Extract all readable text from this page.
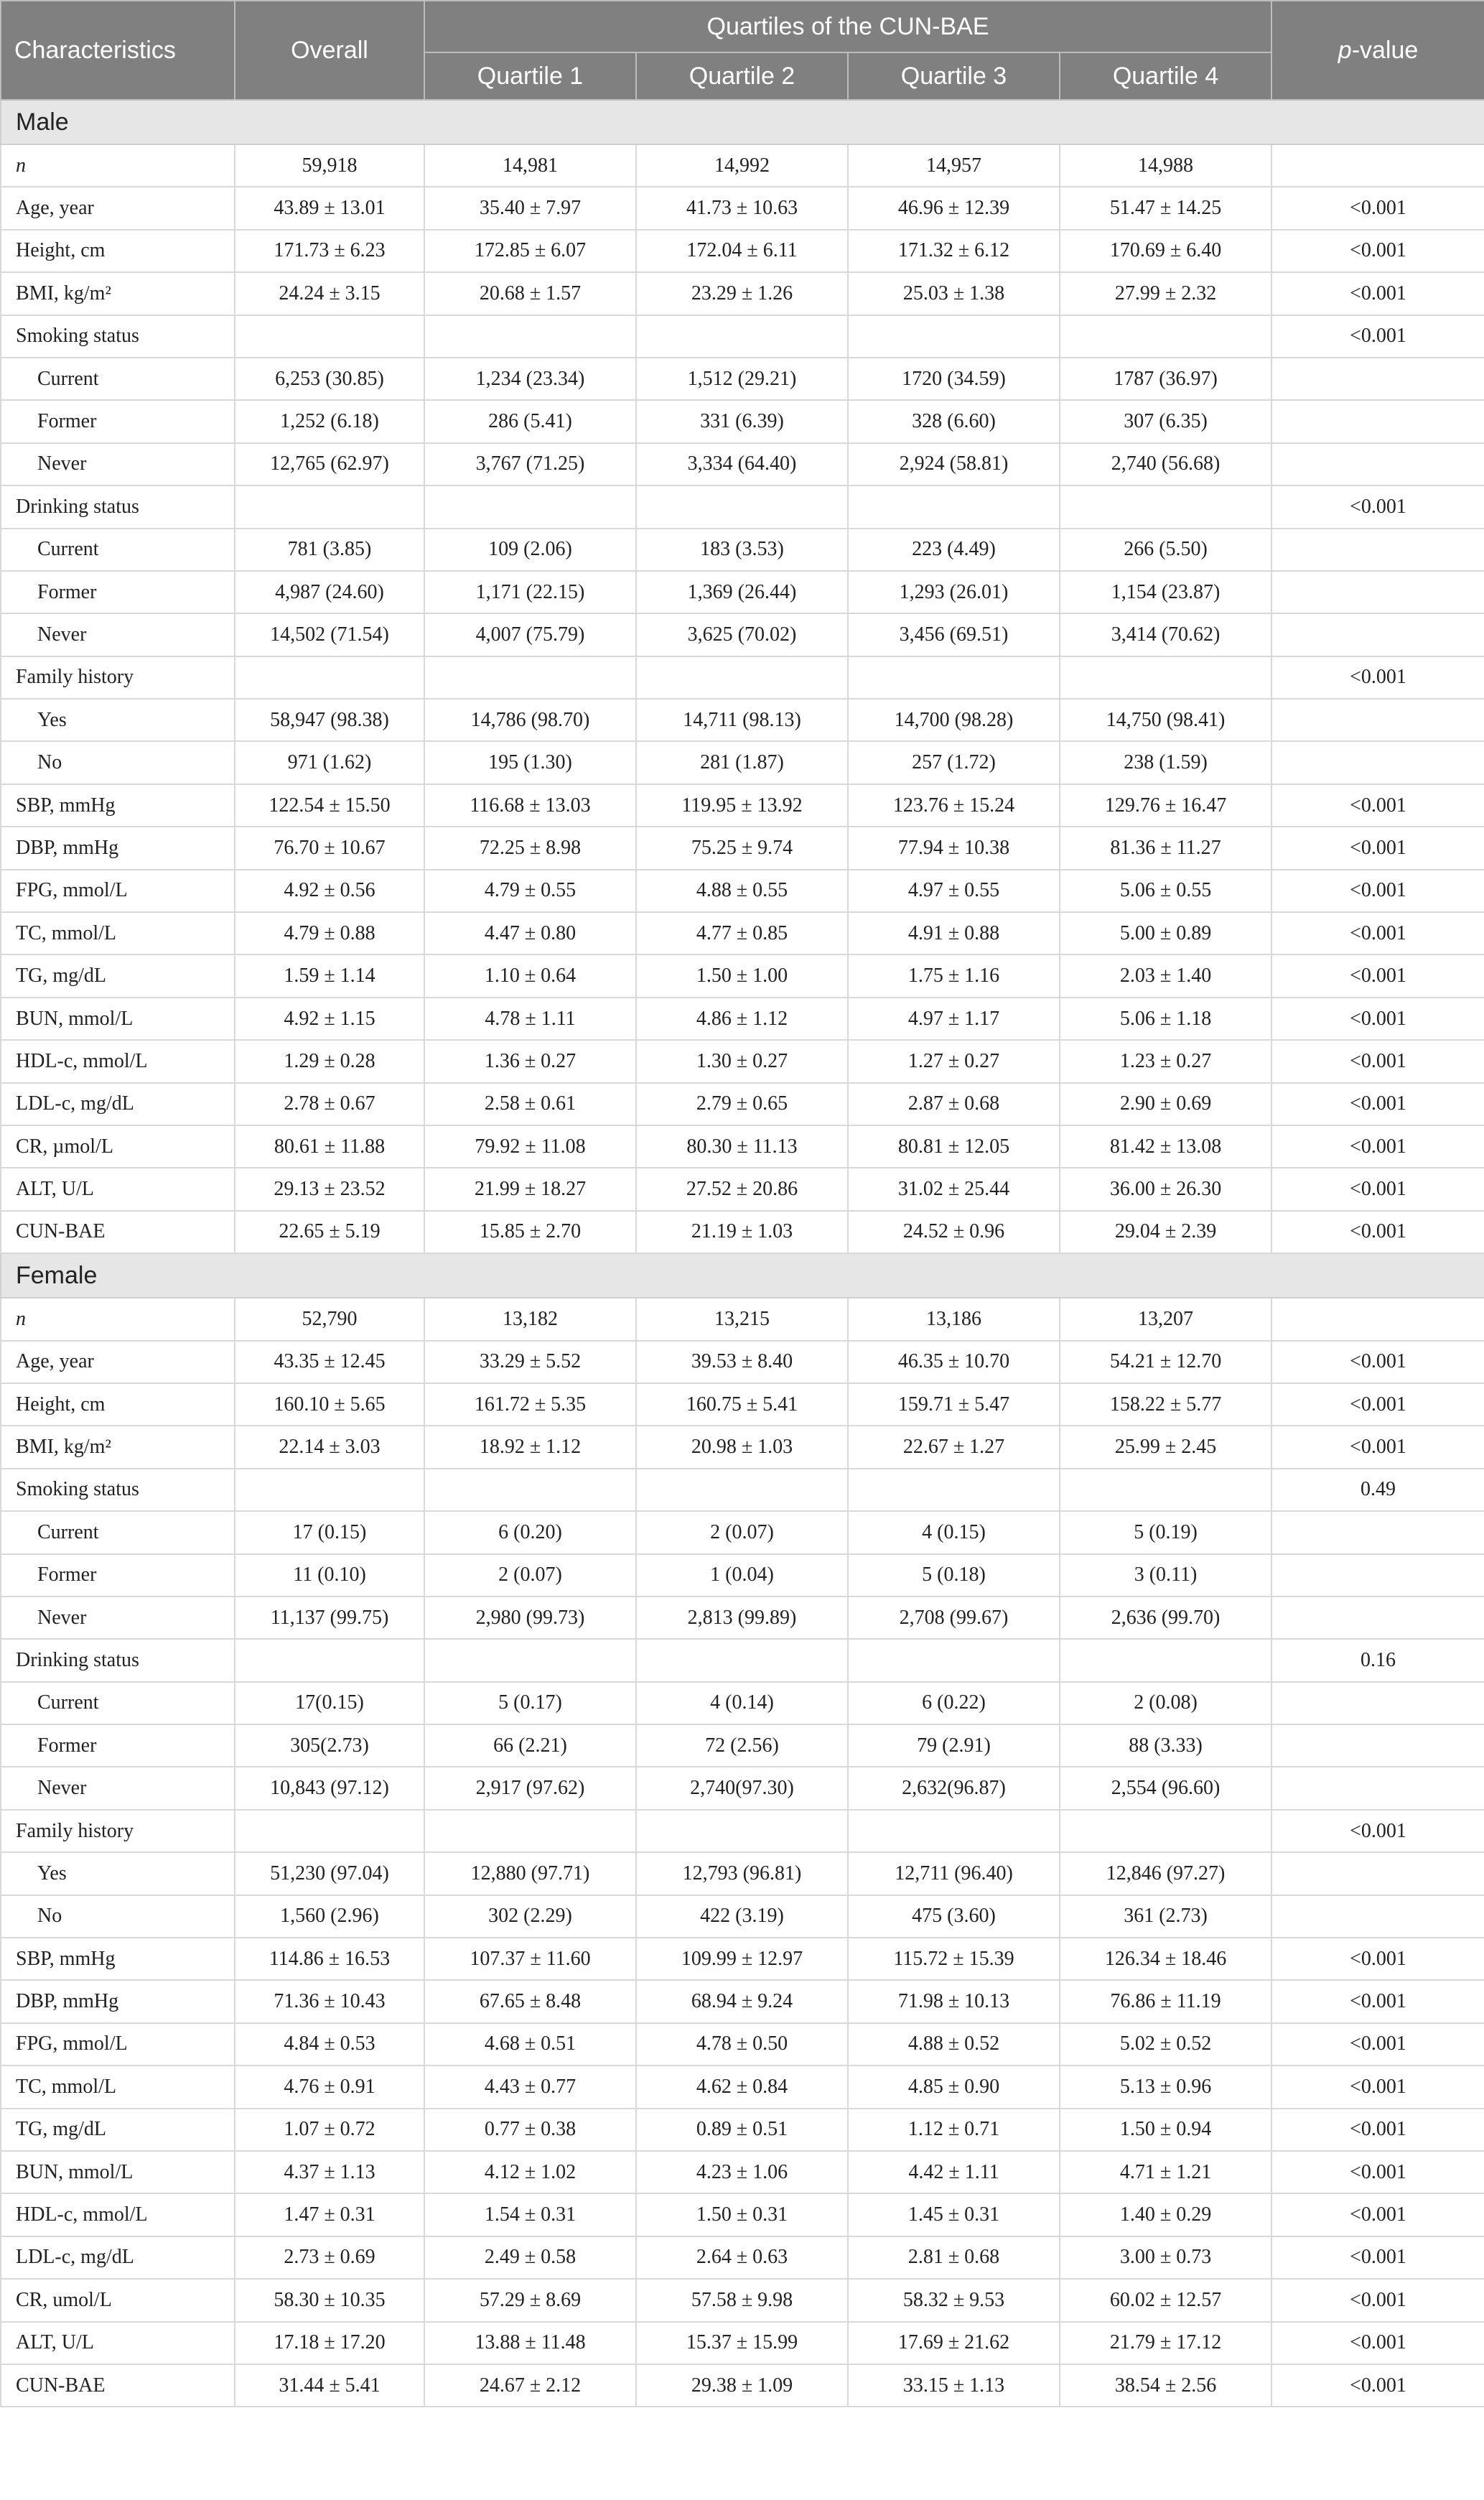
Characteristics	Overall	Quartiles of the CUN-BAE				p-value
		Quartile 1	Quartile 2	Quartile 3	Quartile 4	
Male						
n	59,918	14,981	14,992	14,957	14,988	
Age, year	43.89 ± 13.01	35.40 ± 7.97	41.73 ± 10.63	46.96 ± 12.39	51.47 ± 14.25	<0.001
Height, cm	171.73 ± 6.23	172.85 ± 6.07	172.04 ± 6.11	171.32 ± 6.12	170.69 ± 6.40	<0.001
BMI, kg/m²	24.24 ± 3.15	20.68 ± 1.57	23.29 ± 1.26	25.03 ± 1.38	27.99 ± 2.32	<0.001
Smoking status						<0.001
Current	6,253 (30.85)	1,234 (23.34)	1,512 (29.21)	1720 (34.59)	1787 (36.97)	
Former	1,252 (6.18)	286 (5.41)	331 (6.39)	328 (6.60)	307 (6.35)	
Never	12,765 (62.97)	3,767 (71.25)	3,334 (64.40)	2,924 (58.81)	2,740 (56.68)	
Drinking status						<0.001
Current	781 (3.85)	109 (2.06)	183 (3.53)	223 (4.49)	266 (5.50)	
Former	4,987 (24.60)	1,171 (22.15)	1,369 (26.44)	1,293 (26.01)	1,154 (23.87)	
Never	14,502 (71.54)	4,007 (75.79)	3,625 (70.02)	3,456 (69.51)	3,414 (70.62)	
Family history						<0.001
Yes	58,947 (98.38)	14,786 (98.70)	14,711 (98.13)	14,700 (98.28)	14,750 (98.41)	
No	971 (1.62)	195 (1.30)	281 (1.87)	257 (1.72)	238 (1.59)	
SBP, mmHg	122.54 ± 15.50	116.68 ± 13.03	119.95 ± 13.92	123.76 ± 15.24	129.76 ± 16.47	<0.001
DBP, mmHg	76.70 ± 10.67	72.25 ± 8.98	75.25 ± 9.74	77.94 ± 10.38	81.36 ± 11.27	<0.001
FPG, mmol/L	4.92 ± 0.56	4.79 ± 0.55	4.88 ± 0.55	4.97 ± 0.55	5.06 ± 0.55	<0.001
TC, mmol/L	4.79 ± 0.88	4.47 ± 0.80	4.77 ± 0.85	4.91 ± 0.88	5.00 ± 0.89	<0.001
TG, mg/dL	1.59 ± 1.14	1.10 ± 0.64	1.50 ± 1.00	1.75 ± 1.16	2.03 ± 1.40	<0.001
BUN, mmol/L	4.92 ± 1.15	4.78 ± 1.11	4.86 ± 1.12	4.97 ± 1.17	5.06 ± 1.18	<0.001
HDL-c, mmol/L	1.29 ± 0.28	1.36 ± 0.27	1.30 ± 0.27	1.27 ± 0.27	1.23 ± 0.27	<0.001
LDL-c, mg/dL	2.78 ± 0.67	2.58 ± 0.61	2.79 ± 0.65	2.87 ± 0.68	2.90 ± 0.69	<0.001
CR, µmol/L	80.61 ± 11.88	79.92 ± 11.08	80.30 ± 11.13	80.81 ± 12.05	81.42 ± 13.08	<0.001
ALT, U/L	29.13 ± 23.52	21.99 ± 18.27	27.52 ± 20.86	31.02 ± 25.44	36.00 ± 26.30	<0.001
CUN-BAE	22.65 ± 5.19	15.85 ± 2.70	21.19 ± 1.03	24.52 ± 0.96	29.04 ± 2.39	<0.001
Female						
n	52,790	13,182	13,215	13,186	13,207	
Age, year	43.35 ± 12.45	33.29 ± 5.52	39.53 ± 8.40	46.35 ± 10.70	54.21 ± 12.70	<0.001
Height, cm	160.10 ± 5.65	161.72 ± 5.35	160.75 ± 5.41	159.71 ± 5.47	158.22 ± 5.77	<0.001
BMI, kg/m²	22.14 ± 3.03	18.92 ± 1.12	20.98 ± 1.03	22.67 ± 1.27	25.99 ± 2.45	<0.001
Smoking status						0.49
Current	17 (0.15)	6 (0.20)	2 (0.07)	4 (0.15)	5 (0.19)	
Former	11 (0.10)	2 (0.07)	1 (0.04)	5 (0.18)	3 (0.11)	
Never	11,137 (99.75)	2,980 (99.73)	2,813 (99.89)	2,708 (99.67)	2,636 (99.70)	
Drinking status						0.16
Current	17(0.15)	5 (0.17)	4 (0.14)	6 (0.22)	2 (0.08)	
Former	305(2.73)	66 (2.21)	72 (2.56)	79 (2.91)	88 (3.33)	
Never	10,843 (97.12)	2,917 (97.62)	2,740(97.30)	2,632(96.87)	2,554 (96.60)	
Family history						<0.001
Yes	51,230 (97.04)	12,880 (97.71)	12,793 (96.81)	12,711 (96.40)	12,846 (97.27)	
No	1,560 (2.96)	302 (2.29)	422 (3.19)	475 (3.60)	361 (2.73)	
SBP, mmHg	114.86 ± 16.53	107.37 ± 11.60	109.99 ± 12.97	115.72 ± 15.39	126.34 ± 18.46	<0.001
DBP, mmHg	71.36 ± 10.43	67.65 ± 8.48	68.94 ± 9.24	71.98 ± 10.13	76.86 ± 11.19	<0.001
FPG, mmol/L	4.84 ± 0.53	4.68 ± 0.51	4.78 ± 0.50	4.88 ± 0.52	5.02 ± 0.52	<0.001
TC, mmol/L	4.76 ± 0.91	4.43 ± 0.77	4.62 ± 0.84	4.85 ± 0.90	5.13 ± 0.96	<0.001
TG, mg/dL	1.07 ± 0.72	0.77 ± 0.38	0.89 ± 0.51	1.12 ± 0.71	1.50 ± 0.94	<0.001
BUN, mmol/L	4.37 ± 1.13	4.12 ± 1.02	4.23 ± 1.06	4.42 ± 1.11	4.71 ± 1.21	<0.001
HDL-c, mmol/L	1.47 ± 0.31	1.54 ± 0.31	1.50 ± 0.31	1.45 ± 0.31	1.40 ± 0.29	<0.001
LDL-c, mg/dL	2.73 ± 0.69	2.49 ± 0.58	2.64 ± 0.63	2.81 ± 0.68	3.00 ± 0.73	<0.001
CR, umol/L	58.30 ± 10.35	57.29 ± 8.69	57.58 ± 9.98	58.32 ± 9.53	60.02 ± 12.57	<0.001
ALT, U/L	17.18 ± 17.20	13.88 ± 11.48	15.37 ± 15.99	17.69 ± 21.62	21.79 ± 17.12	<0.001
CUN-BAE	31.44 ± 5.41	24.67 ± 2.12	29.38 ± 1.09	33.15 ± 1.13	38.54 ± 2.56	<0.001
